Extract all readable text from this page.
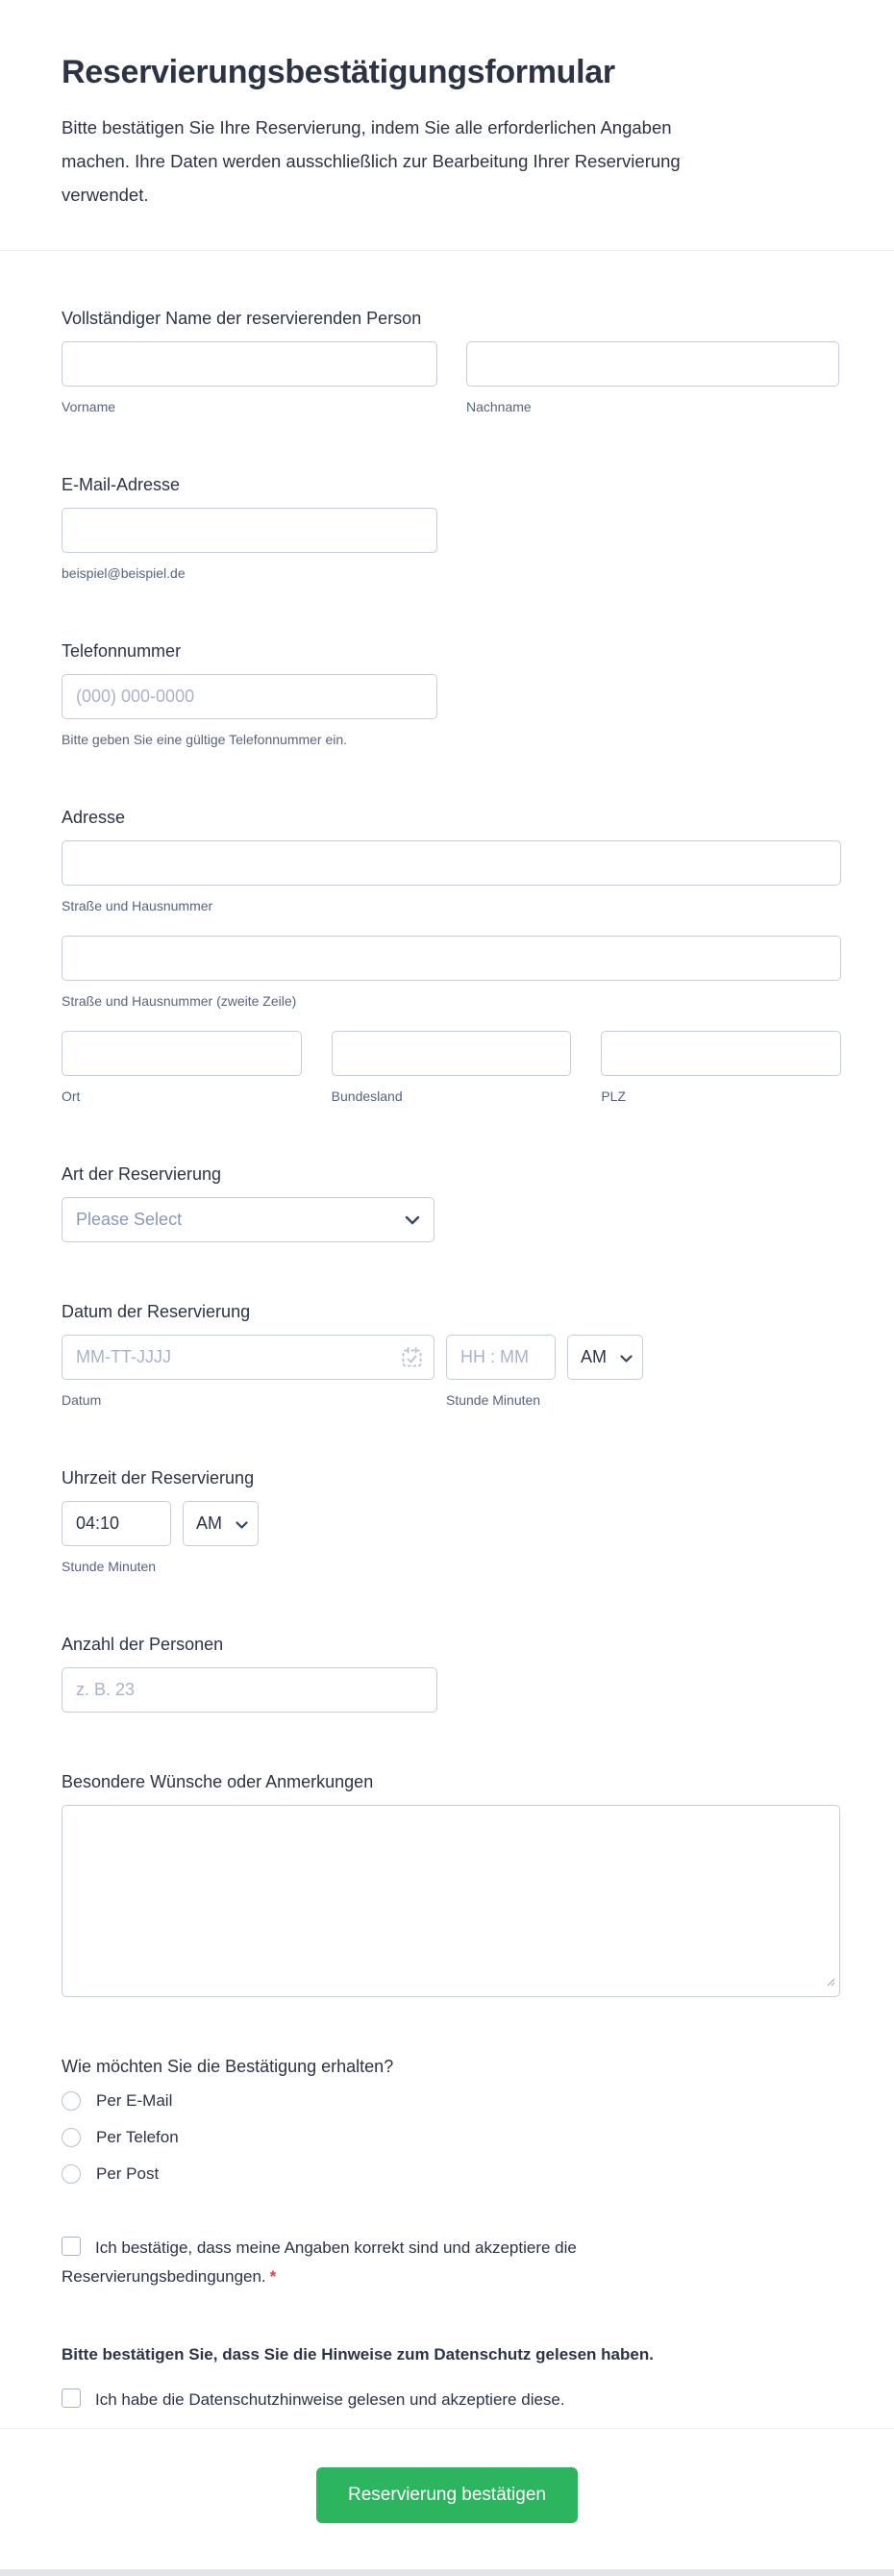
Reservierungsbestätigungsformular
Bitte bestätigen Sie Ihre Reservierung, indem Sie alle erforderlichen Angaben
machen. Ihre Daten werden ausschließlich zur Bearbeitung Ihrer Reservierung
verwendet.
Vollständiger Name der reservierenden Person
Vorname	Nachname
E-Mail-Adresse
beispiel@beispiel.de
Telefonnummer
(000) 000-0000
Bitte geben Sie eine gültige Telefonnummer ein.
Adresse
Straße und Hausnummer
Straße und Hausnummer (zweite Zeile)
Ort	Bundesland	PLZ
Art der Reservierung
Please Select
Datum der Reservierung
MM-TT-JJJJ
HH : MM
AM
Datum	Stunde Minuten
Uhrzeit der Reservierung
04:10
AM
Stunde Minuten
Anzahl der Personen
z. B. 23
Besondere Wünsche oder Anmerkungen
Wie möchten Sie die Bestätigung erhalten?
Per E-Mail
Per Telefon
Per Post
Ich bestätige, dass meine Angaben korrekt sind und akzeptiere die
Reservierungsbedingungen. *
Bitte bestätigen Sie, dass Sie die Hinweise zum Datenschutz gelesen haben.
Ich habe die Datenschutzhinweise gelesen und akzeptiere diese.
Reservierung bestätigen
